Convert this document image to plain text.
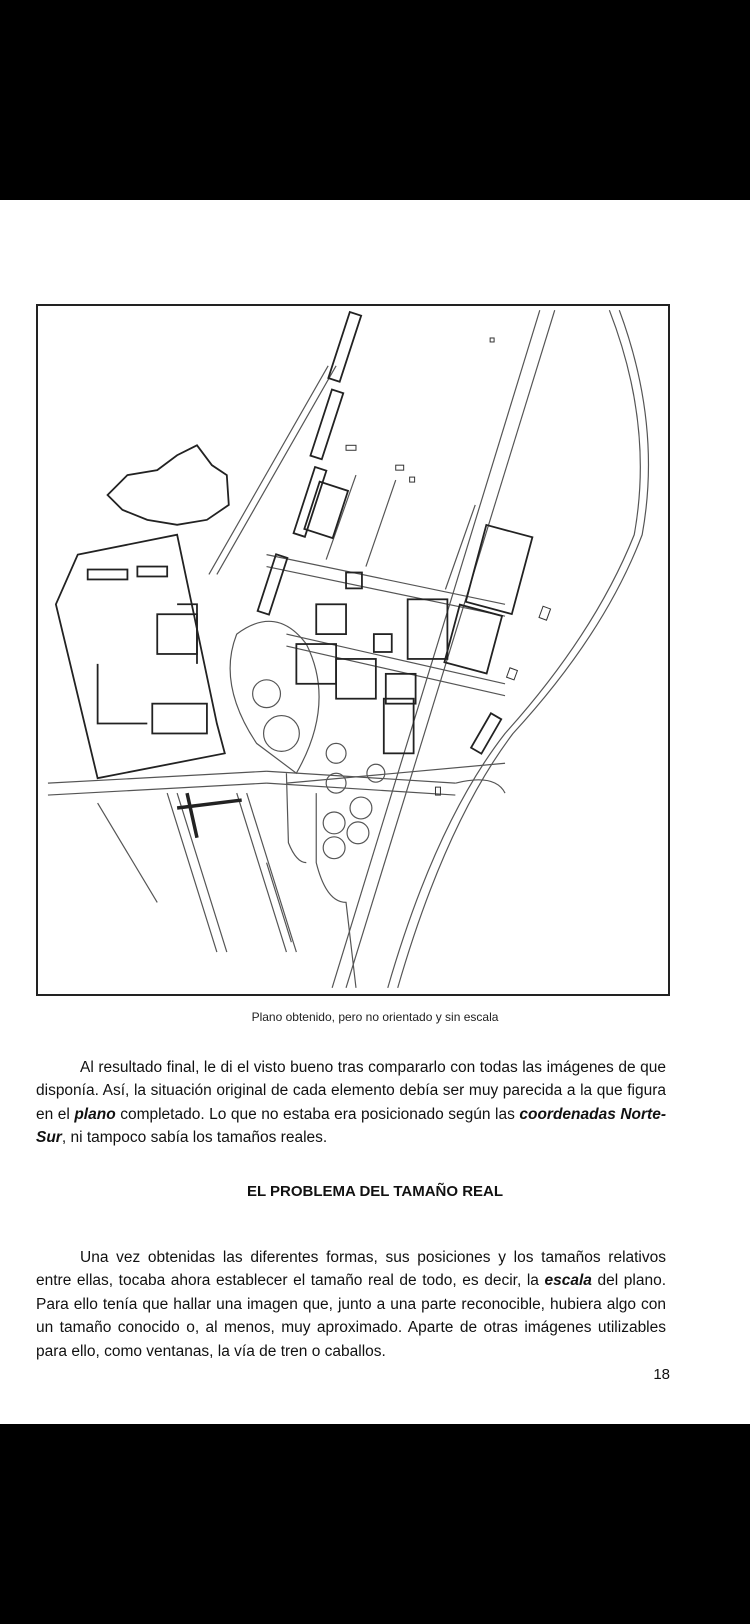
Plano obtenido, pero no orientado y sin escala

Al resultado final, le di el visto bueno tras compararlo con todas las imágenes de que disponía. Así, la situación original de cada elemento debía ser muy parecida a la que figura en el plano completado. Lo que no estaba era posicionado según las coordenadas Norte-Sur, ni tampoco sabía los tamaños reales.

EL PROBLEMA DEL TAMAÑO REAL

Una vez obtenidas las diferentes formas, sus posiciones y los tamaños relativos entre ellas, tocaba ahora establecer el tamaño real de todo, es decir, la escala del plano. Para ello tenía que hallar una imagen que, junto a una parte reconocible, hubiera algo con un tamaño conocido o, al menos, muy aproximado. Aparte de otras imágenes utilizables para ello, como ventanas, la vía de tren o caballos.

18
